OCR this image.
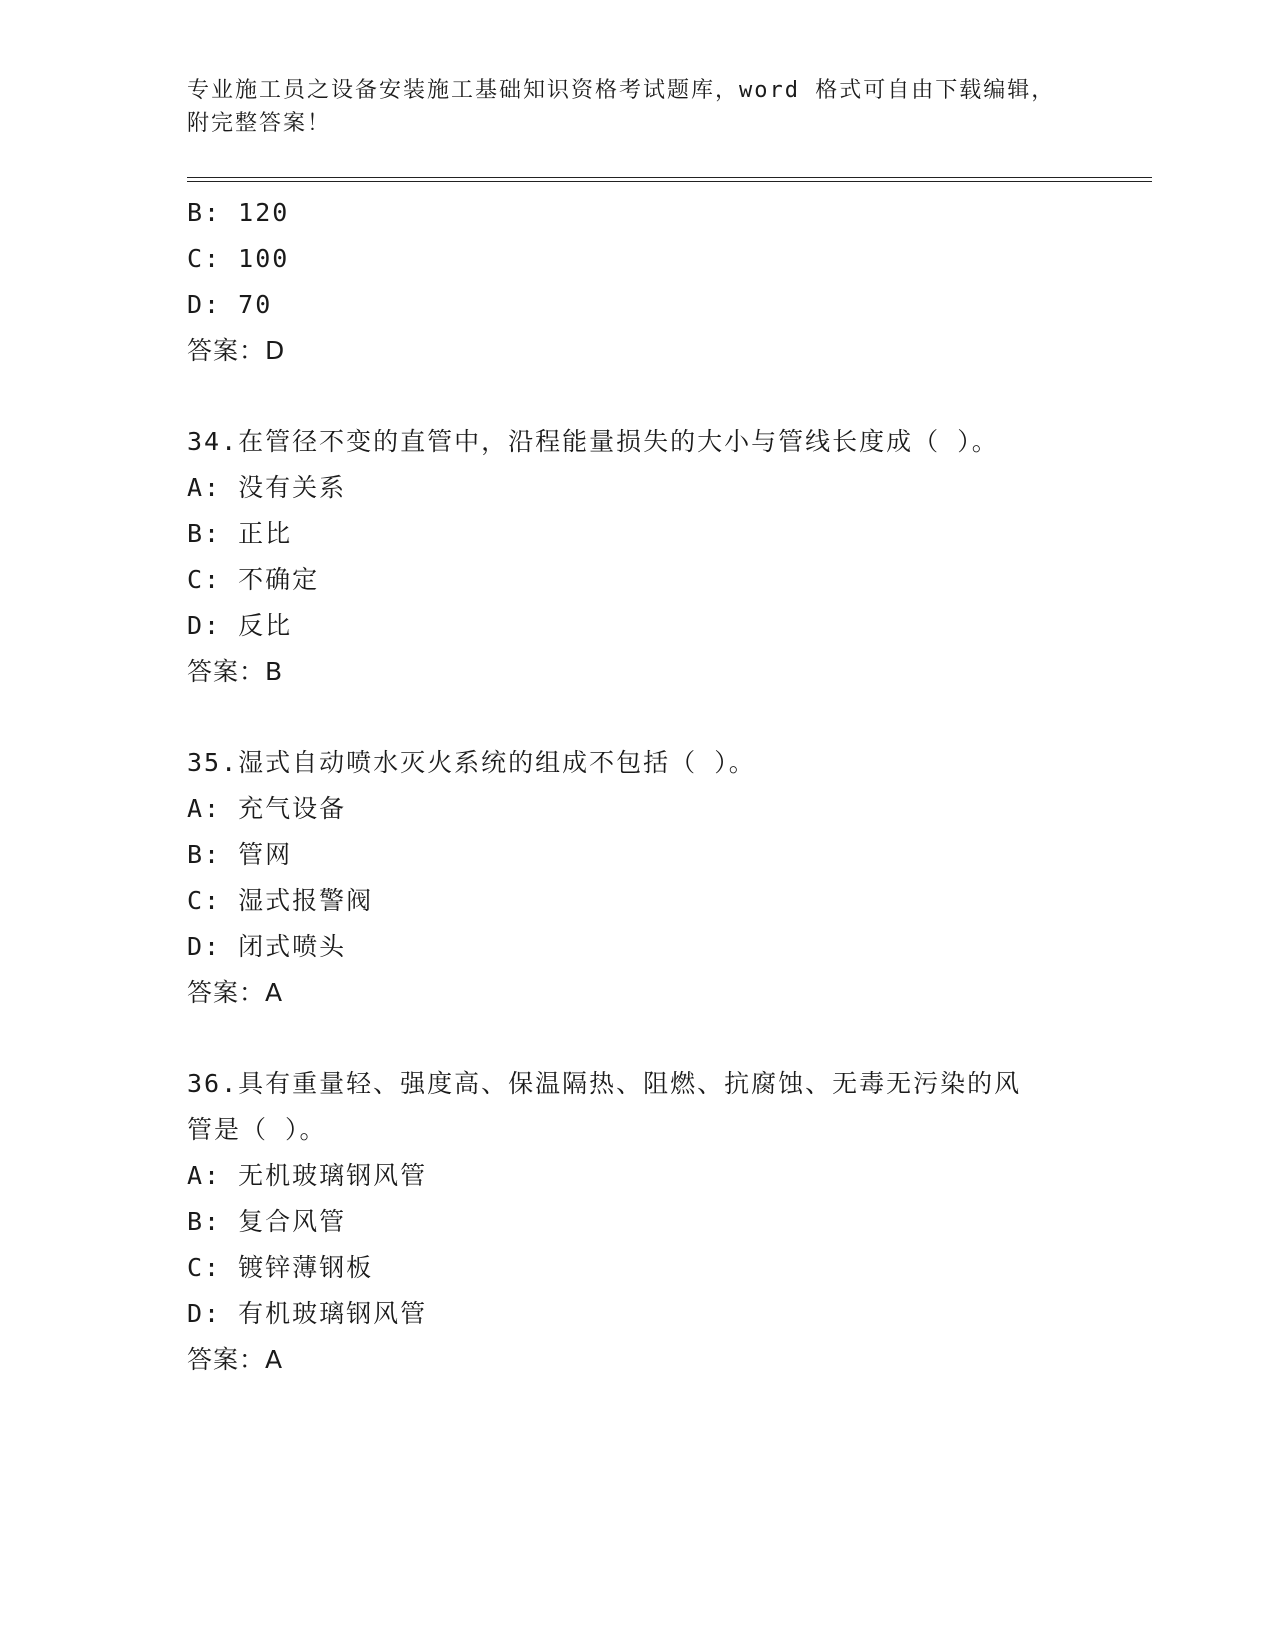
专业施工员之设备安装施工基础知识资格考试题库，word 格式可自由下载编辑，
附完整答案！
B: 120
C: 100
D: 70
答案：D
34.在管径不变的直管中，沿程能量损失的大小与管线长度成（ ）。
A: 没有关系
B: 正比
C: 不确定
D: 反比
答案：B
35.湿式自动喷水灭火系统的组成不包括（ ）。
A: 充气设备
B: 管网
C: 湿式报警阀
D: 闭式喷头
答案：A
36.具有重量轻、强度高、保温隔热、阻燃、抗腐蚀、无毒无污染的风
管是（ ）。
A: 无机玻璃钢风管
B: 复合风管
C: 镀锌薄钢板
D: 有机玻璃钢风管
答案：A
